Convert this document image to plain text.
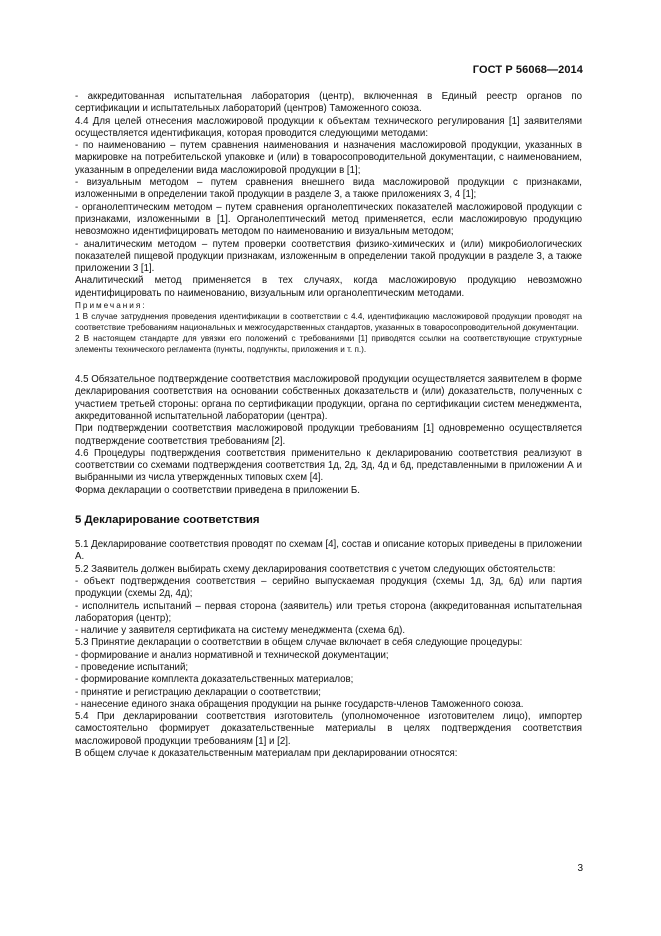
ГОСТ Р 56068—2014

- аккредитованная испытательная лаборатория (центр), включенная в Единый реестр органов по сертификации и испытательных лабораторий (центров) Таможенного союза.

4.4 Для целей отнесения масложировой продукции к объектам технического регулирования [1] заявителями осуществляется идентификация, которая проводится следующими методами:

- по наименованию – путем сравнения наименования и назначения масложировой продукции, указанных в маркировке на потребительской упаковке и (или) в товаросопроводительной документации, с наименованием, указанным в определении вида масложировой продукции в [1];

- визуальным методом – путем сравнения внешнего вида масложировой продукции с признаками, изложенными в определении такой продукции в разделе 3, а также приложениях 3, 4 [1];

- органолептическим методом – путем сравнения органолептических показателей масложировой продукции с признаками, изложенными в [1]. Органолептический метод применяется, если масложировую продукцию невозможно идентифицировать методом по наименованию и визуальным методом;

- аналитическим методом – путем проверки соответствия физико-химических и (или) микробиологических показателей пищевой продукции признакам, изложенным в определении такой продукции в разделе 3, а также приложении 3 [1].

Аналитический метод применяется в тех случаях, когда масложировую продукцию невозможно идентифицировать по наименованию, визуальным или органолептическим методами.

Примечания:

1 В случае затруднения проведения идентификации в соответствии с 4.4, идентификацию масложировой продукции проводят на соответствие требованиям национальных и межгосударственных стандартов, указанных в товаросопроводительной документации.

2 В настоящем стандарте для увязки его положений с требованиями [1] приводятся ссылки на соответствующие структурные элементы технического регламента (пункты, подпункты, приложения и т. п.).

4.5 Обязательное подтверждение соответствия масложировой продукции осуществляется заявителем в форме декларирования соответствия на основании собственных доказательств и (или) доказательств, полученных с участием третьей стороны: органа по сертификации продукции, органа по сертификации систем менеджмента, аккредитованной испытательной лаборатории (центра).

При подтверждении соответствия масложировой продукции требованиям [1] одновременно осуществляется подтверждение соответствия требованиям [2].

4.6 Процедуры подтверждения соответствия применительно к декларированию соответствия реализуют в соответствии со схемами подтверждения соответствия 1д, 2д, 3д, 4д и 6д, представленными в приложении А и выбранными из числа утвержденных типовых схем [4].

Форма декларации о соответствии приведена в приложении Б.

5 Декларирование соответствия

5.1 Декларирование соответствия проводят по схемам [4], состав и описание которых приведены в приложении А.

5.2 Заявитель должен выбирать схему декларирования соответствия с учетом следующих обстоятельств:

- объект подтверждения соответствия – серийно выпускаемая продукция (схемы 1д, 3д, 6д) или партия продукции (схемы 2д, 4д);

- исполнитель испытаний – первая сторона (заявитель) или третья сторона (аккредитованная испытательная лаборатория (центр);

- наличие у заявителя сертификата на систему менеджмента (схема 6д).

5.3 Принятие декларации о соответствии в общем случае включает в себя следующие процедуры:

- формирование и анализ нормативной и технической документации;

- проведение испытаний;

- формирование комплекта доказательственных материалов;

- принятие и регистрацию декларации о соответствии;

- нанесение единого знака обращения продукции на рынке государств-членов Таможенного союза.

5.4 При декларировании соответствия изготовитель (уполномоченное изготовителем лицо), импортер самостоятельно формирует доказательственные материалы в целях подтверждения соответствия масложировой продукции требованиям [1] и [2].

В общем случае к доказательственным материалам при декларировании относятся:

3
